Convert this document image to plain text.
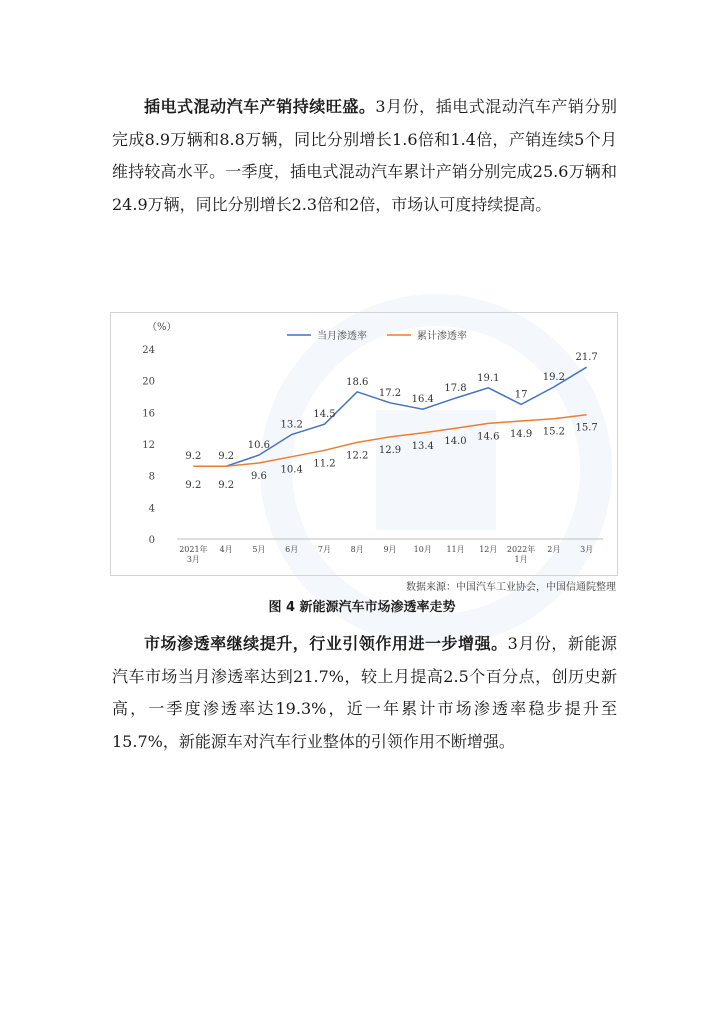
插电式混动汽车产销持续旺盛。3月份，插电式混动汽车产销分别完成8.9万辆和8.8万辆，同比分别增长1.6倍和1.4倍，产销连续5个月维持较高水平。一季度，插电式混动汽车累计产销分别完成25.6万辆和24.9万辆，同比分别增长2.3倍和2倍，市场认可度持续提高。

（%）
0
4
8
12
16
20
24
2021年
3月
4月 5月 6月 7月 8月 9月 10月 11月 12月 2022年
1月
2月 3月
9.2 9.2
10.6
13.2
14.5
18.6
17.2
16.4
17.8
19.1
17
19.2
21.7
9.2 9.2
9.6
10.4
11.2
12.2
12.9 13.4 14.0 14.6 14.9 15.2 15.7
当月渗透率	累计渗透率
数据来源：中国汽车工业协会，中国信通院整理
图 4 新能源汽车市场渗透率走势

市场渗透率继续提升，行业引领作用进一步增强。3月份，新能源汽车市场当月渗透率达到21.7%，较上月提高2.5个百分点，创历史新高，一季度渗透率达19.3%，近一年累计市场渗透率稳步提升至15.7%，新能源车对汽车行业整体的引领作用不断增强。
